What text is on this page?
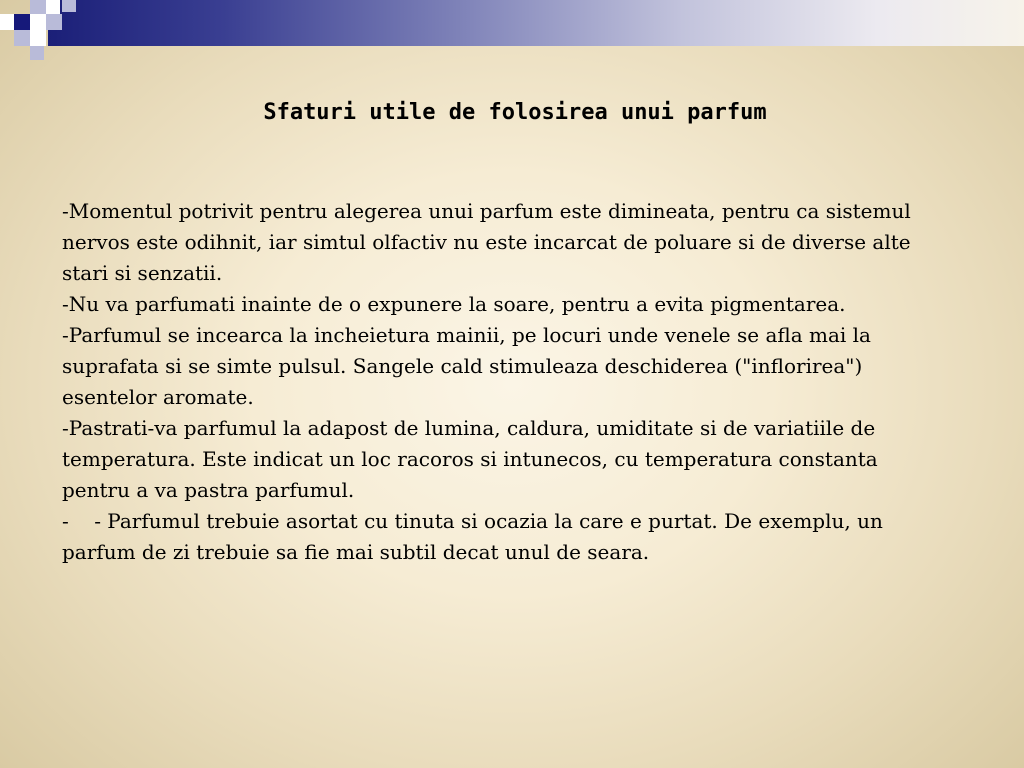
Sfaturi utile de folosirea unui parfum

-Momentul potrivit pentru alegerea unui parfum este dimineata, pentru ca sistemul nervos este odihnit, iar simtul olfactiv nu este incarcat de poluare si de diverse alte stari si senzatii.

-Nu va parfumati inainte de o expunere la soare, pentru a evita pigmentarea.

-Parfumul se incearca la incheietura mainii, pe locuri unde venele se afla mai la suprafata si se simte pulsul. Sangele cald stimuleaza deschiderea ("inflorirea") esentelor aromate.

-Pastrati-va parfumul la adapost de lumina, caldura, umiditate si de variatiile de temperatura. Este indicat un loc racoros si intunecos, cu temperatura constanta pentru a va pastra parfumul.

-    - Parfumul trebuie asortat cu tinuta si ocazia la care e purtat. De exemplu, un parfum de zi trebuie sa fie mai subtil decat unul de seara.
